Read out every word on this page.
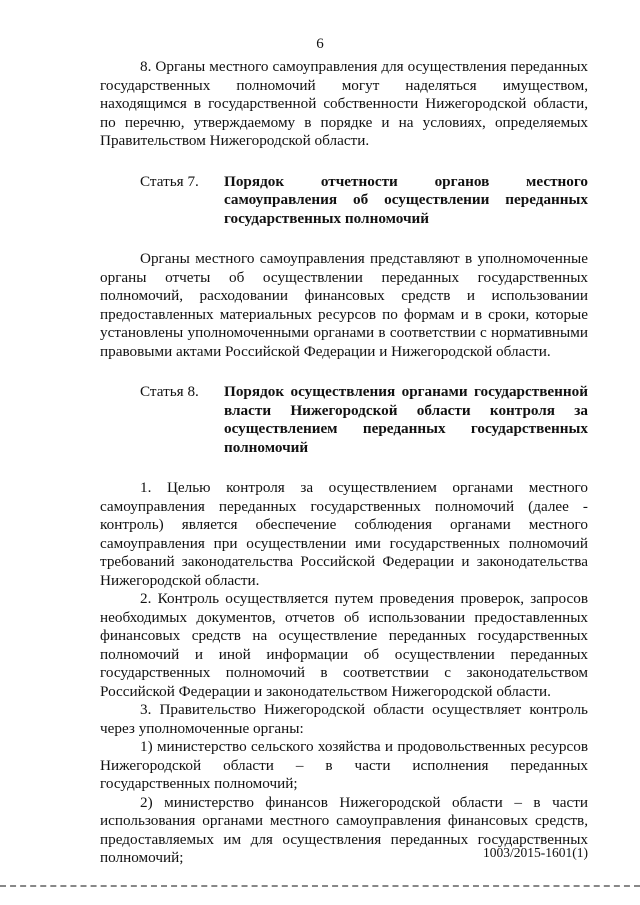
6

8. Органы местного самоуправления для осуществления переданных государственных полномочий могут наделяться имуществом, находящимся в государственной собственности Нижегородской области, по перечню, утверждаемому в порядке и на условиях, определяемых Правительством Нижегородской области.

Статья 7.	Порядок отчетности органов местного самоуправления об осуществлении переданных государственных полномочий

Органы местного самоуправления представляют в уполномоченные органы отчеты об осуществлении переданных государственных полномочий, расходовании финансовых средств и использовании предоставленных материальных ресурсов по формам и в сроки, которые установлены уполномоченными органами в соответствии с нормативными правовыми актами Российской Федерации и Нижегородской области.

Статья 8.	Порядок осуществления органами государственной власти Нижегородской области контроля за осуществлением переданных государственных полномочий

1. Целью контроля за осуществлением органами местного самоуправления переданных государственных полномочий (далее - контроль) является обеспечение соблюдения органами местного самоуправления при осуществлении ими государственных полномочий требований законодательства Российской Федерации и законодательства Нижегородской области.

2. Контроль осуществляется путем проведения проверок, запросов необходимых документов, отчетов об использовании предоставленных финансовых средств на осуществление переданных государственных полномочий и иной информации об осуществлении переданных государственных полномочий в соответствии с законодательством Российской Федерации и законодательством Нижегородской области.

3. Правительство Нижегородской области осуществляет контроль через уполномоченные органы:

1) министерство сельского хозяйства и продовольственных ресурсов Нижегородской области – в части исполнения переданных государственных полномочий;

2) министерство финансов Нижегородской области – в части использования органами местного самоуправления финансовых средств, предоставляемых им для осуществления переданных государственных полномочий;	1003/2015-1601(1)
